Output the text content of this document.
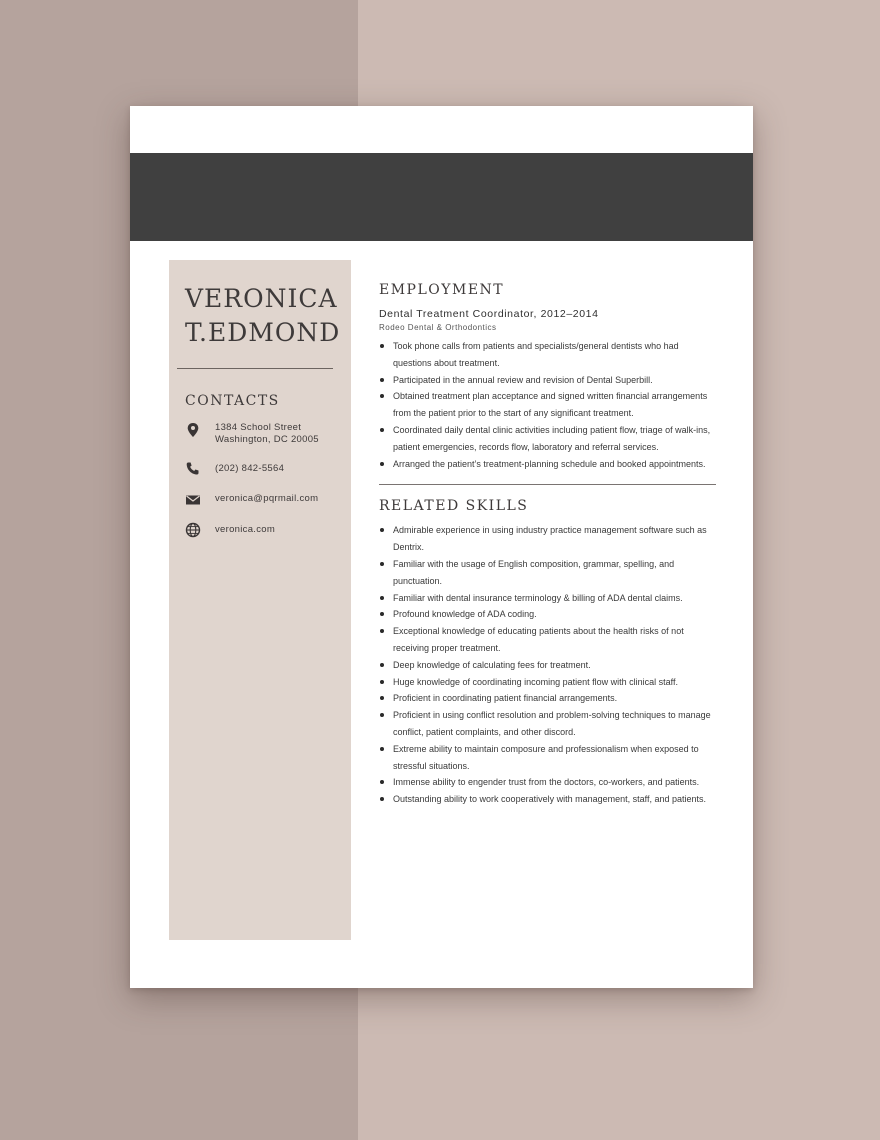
VERONICA
T.EDMOND
CONTACTS
1384 School Street
Washington, DC 20005
(202) 842-5564
veronica@pqrmail.com
veronica.com
EMPLOYMENT
Dental Treatment Coordinator, 2012–2014
Rodeo Dental & Orthodontics
Took phone calls from patients and specialists/general dentists who had questions about treatment.
Participated in the annual review and revision of Dental Superbill.
Obtained treatment plan acceptance and signed written financial arrangements from the patient prior to the start of any significant treatment.
Coordinated daily dental clinic activities including patient flow, triage of walk-ins, patient emergencies, records flow, laboratory and referral services.
Arranged the patient’s treatment-planning schedule and booked appointments.
RELATED SKILLS
Admirable experience in using industry practice management software such as Dentrix.
Familiar with the usage of English composition, grammar, spelling, and punctuation.
Familiar with dental insurance terminology & billing of ADA dental claims.
Profound knowledge of ADA coding.
Exceptional knowledge of educating patients about the health risks of not receiving proper treatment.
Deep knowledge of calculating fees for treatment.
Huge knowledge of coordinating incoming patient flow with clinical staff.
Proficient in coordinating patient financial arrangements.
Proficient in using conflict resolution and problem-solving techniques to manage conflict, patient complaints, and other discord.
Extreme ability to maintain composure and professionalism when exposed to stressful situations.
Immense ability to engender trust from the doctors, co-workers, and patients.
Outstanding ability to work cooperatively with management, staff, and patients.
